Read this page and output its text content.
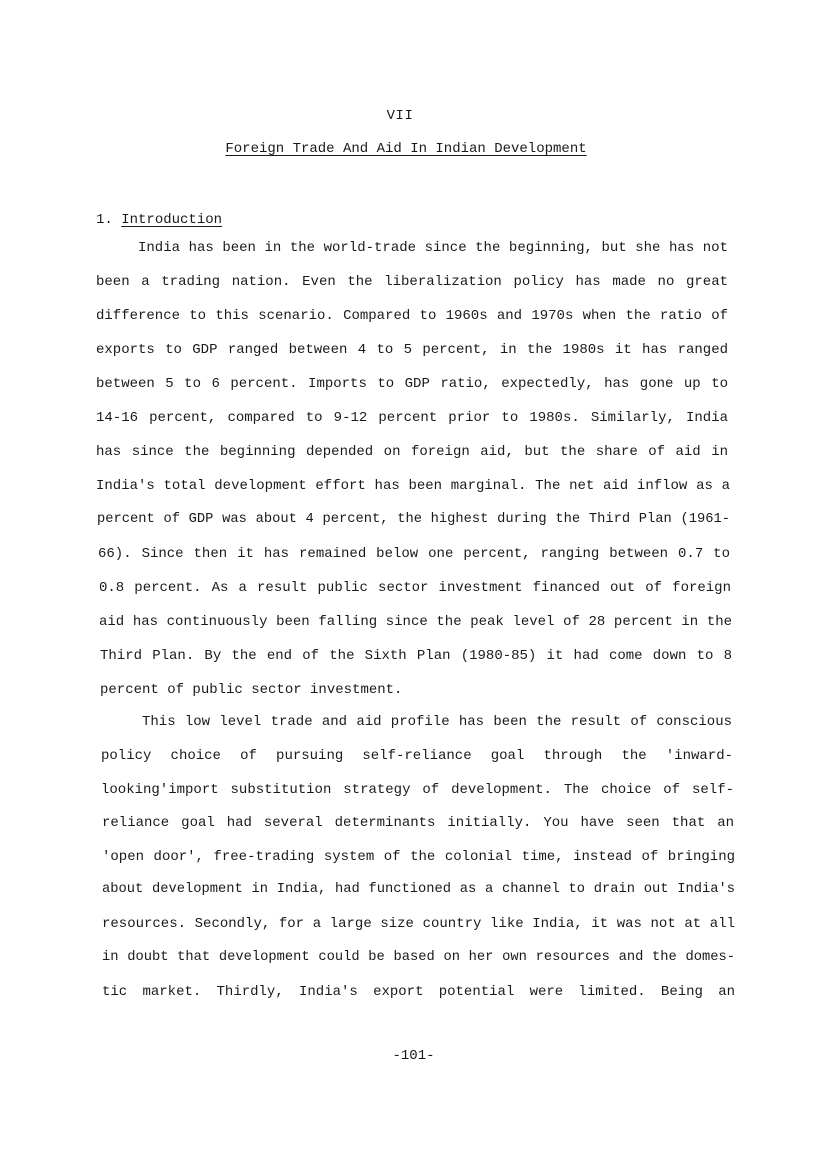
VII
Foreign Trade And Aid In Indian Development
1. Introduction
India has been in the world-trade since the beginning, but she has not
been a trading nation. Even the liberalization policy has made no great
difference to this scenario. Compared to 1960s and 1970s when the ratio of
exports to GDP ranged between 4 to 5 percent, in the 1980s it has ranged
between 5 to 6 percent. Imports to GDP ratio, expectedly, has gone up to
14-16 percent, compared to 9-12 percent prior to 1980s. Similarly, India
has since the beginning depended on foreign aid, but the share of aid in
India's total development effort has been marginal. The net aid inflow as a
percent of GDP was about 4 percent, the highest during the Third Plan (1961-
66). Since then it has remained below one percent, ranging between 0.7 to
0.8 percent. As a result public sector investment financed out of foreign
aid has continuously been falling since the peak level of 28 percent in the
Third Plan. By the end of the Sixth Plan (1980-85) it had come down to 8
percent of public sector investment.
This low level trade and aid profile has been the result of conscious
policy choice of pursuing self-reliance goal through the 'inward-
looking'import substitution strategy of development. The choice of self-
reliance goal had several determinants initially. You have seen that an
'open door', free-trading system of the colonial time, instead of bringing
about development in India, had functioned as a channel to drain out India's
resources. Secondly, for a large size country like India, it was not at all
in doubt that development could be based on her own resources and the domes-
tic market. Thirdly, India's export potential were limited. Being an
-101-
